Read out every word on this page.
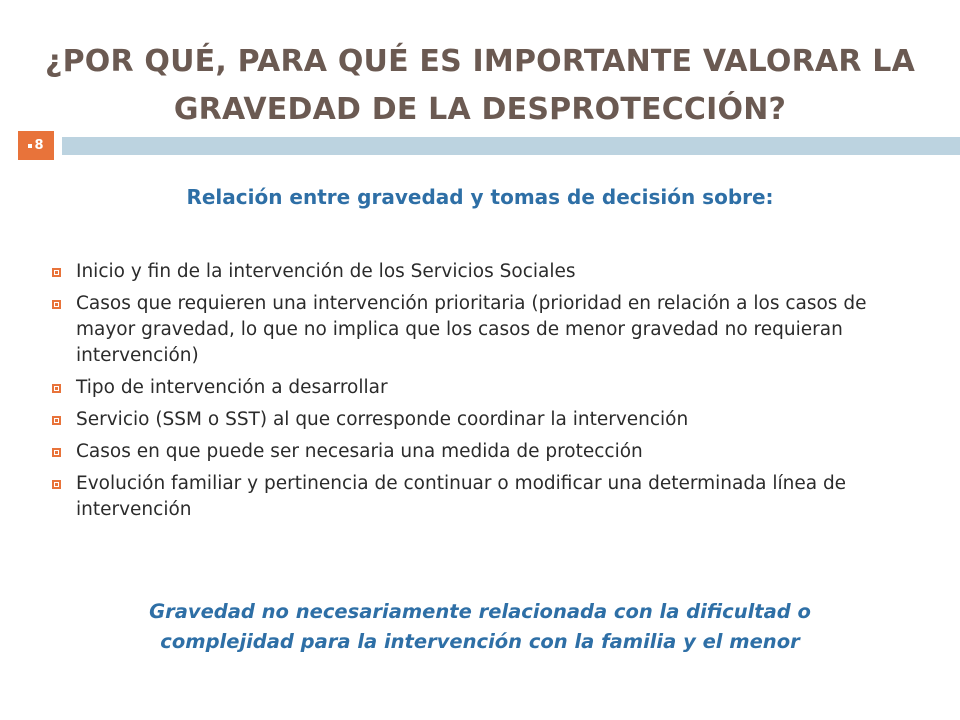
¿POR QUÉ, PARA QUÉ ES IMPORTANTE VALORAR LA GRAVEDAD DE LA DESPROTECCIÓN?
8
Relación entre gravedad y tomas de decisión sobre:
Inicio y fin de la intervención de los Servicios Sociales
Casos que requieren una intervención prioritaria (prioridad en relación a los casos de mayor gravedad, lo que no implica que los casos de menor gravedad no requieran intervención)
Tipo de intervención a desarrollar
Servicio (SSM o SST) al que corresponde coordinar la intervención
Casos en que puede ser necesaria una medida de protección
Evolución familiar y pertinencia de continuar o modificar una determinada línea de intervención

Gravedad no necesariamente relacionada con la dificultad o
complejidad para la intervención con la familia y el menor
